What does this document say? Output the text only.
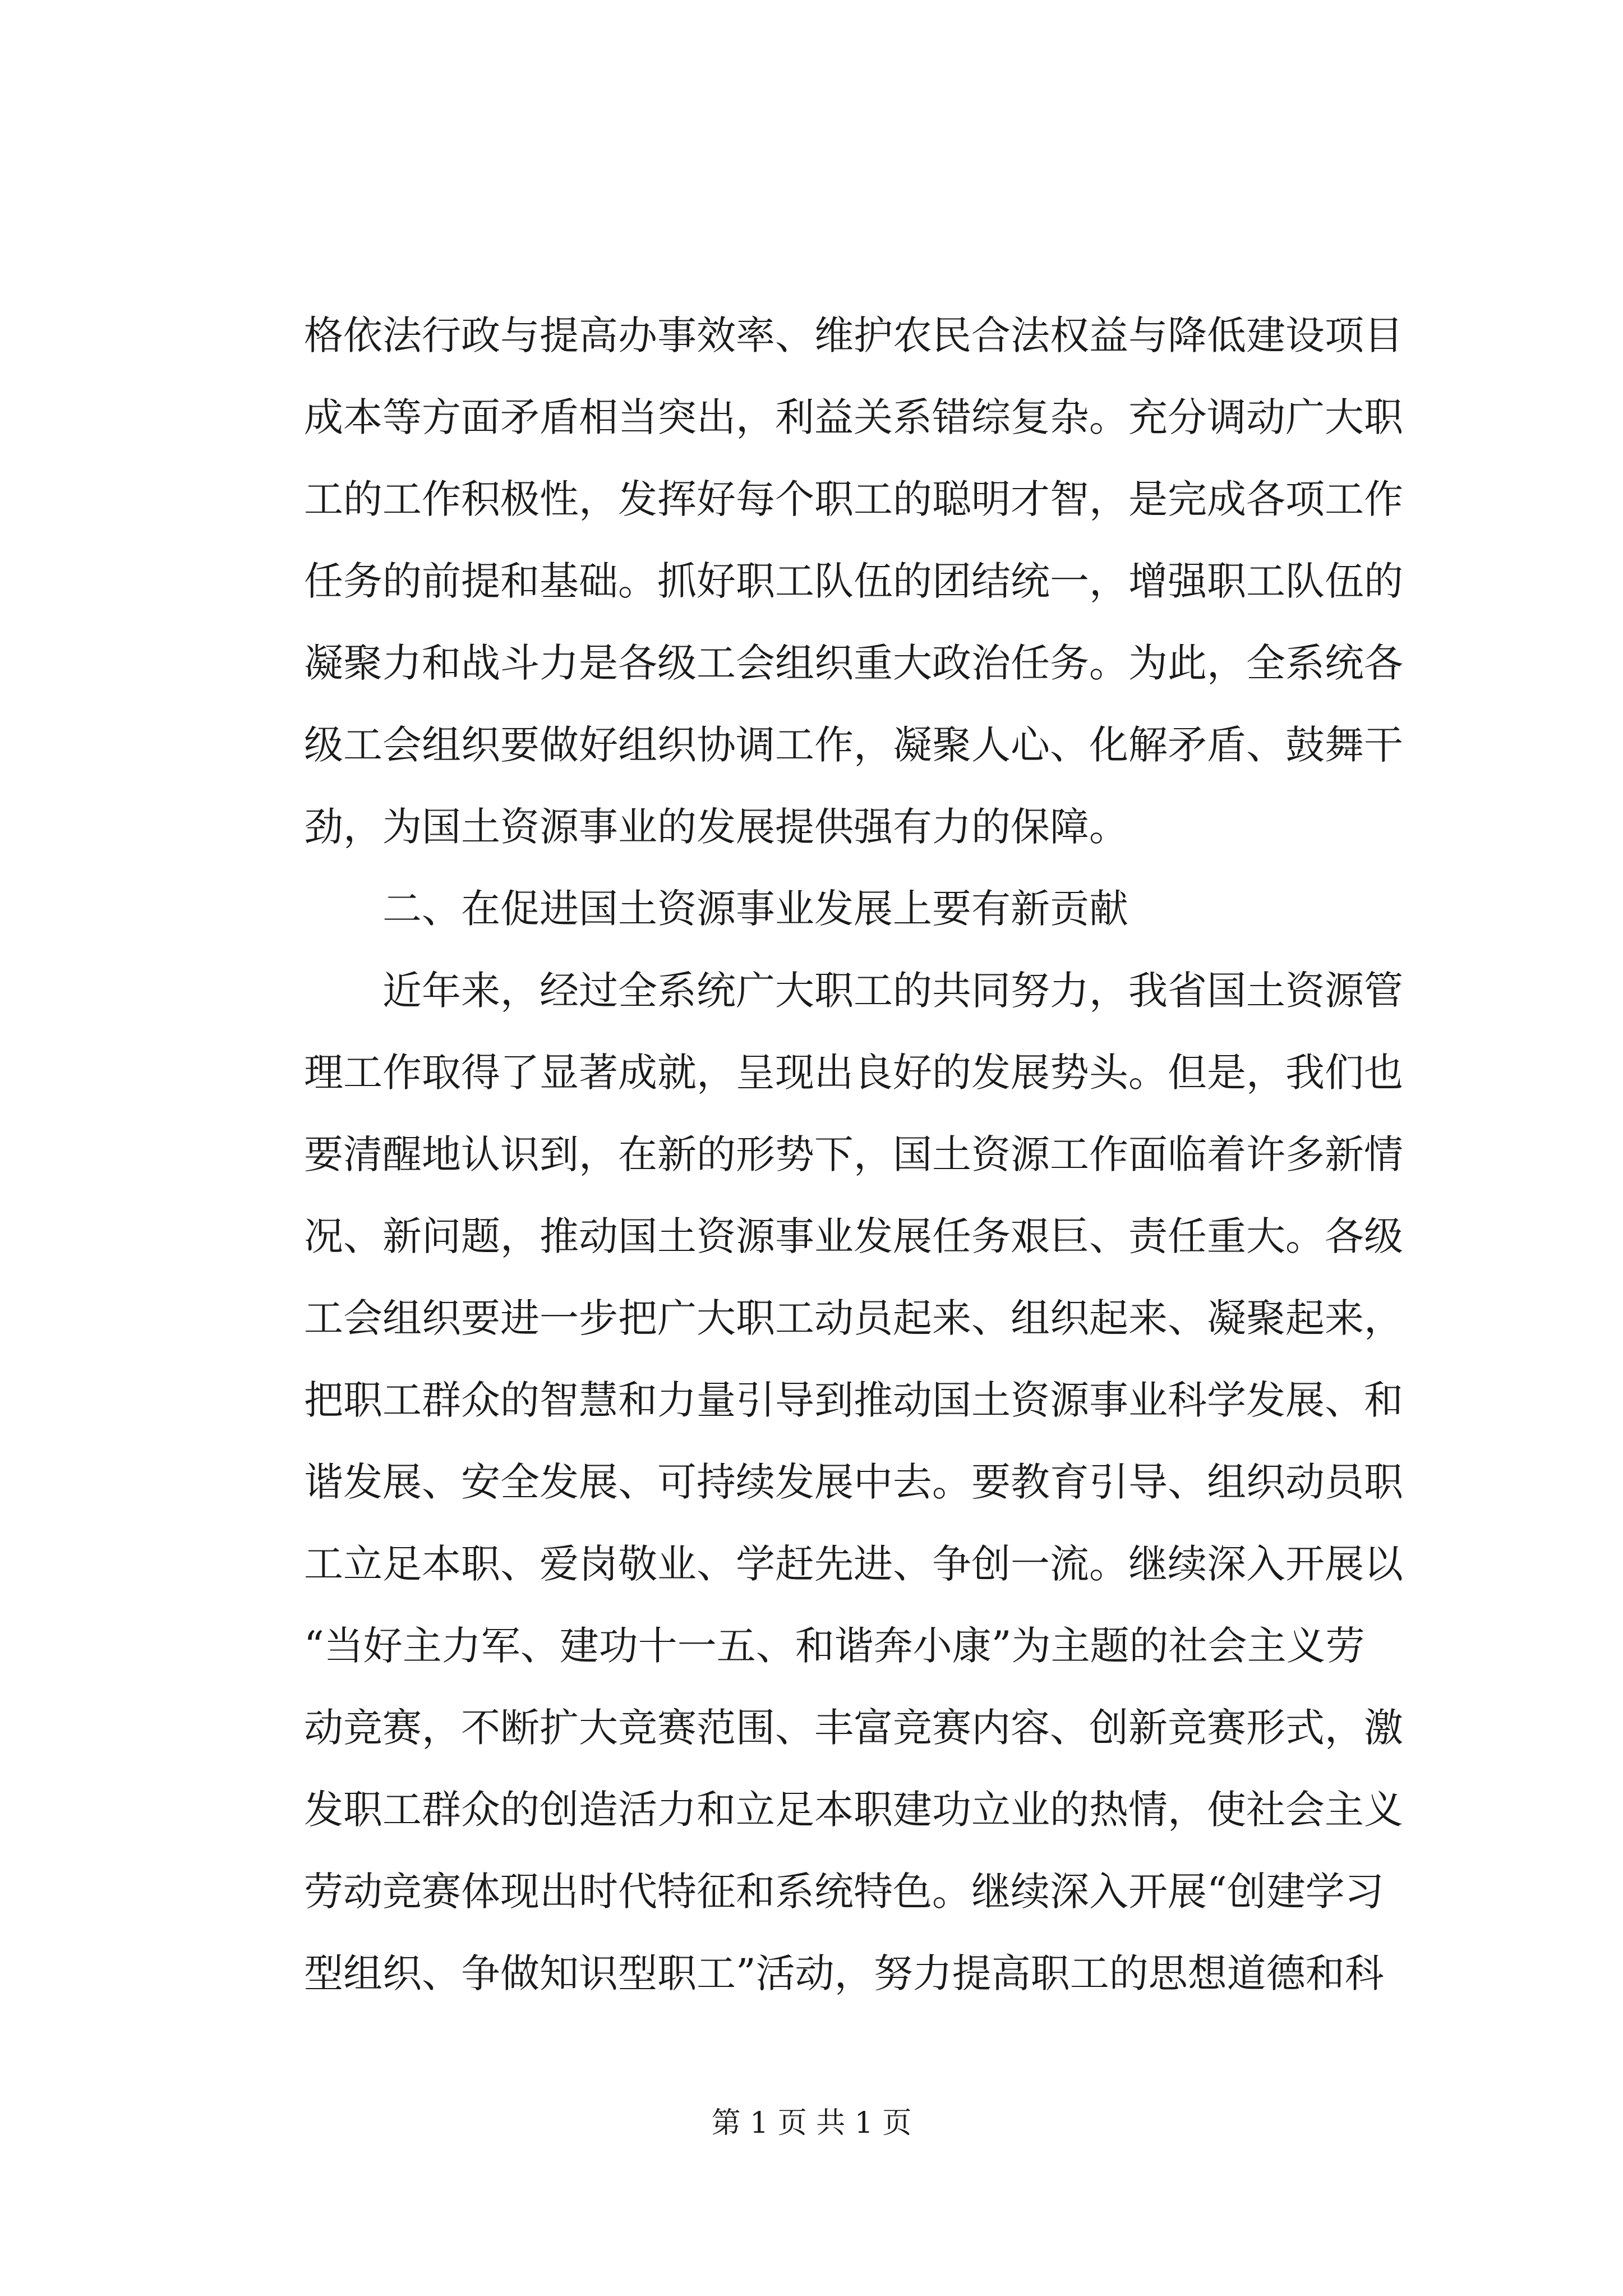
格依法行政与提高办事效率、维护农民合法权益与降低建设项目
成本等方面矛盾相当突出，利益关系错综复杂。充分调动广大职
工的工作积极性，发挥好每个职工的聪明才智，是完成各项工作
任务的前提和基础。抓好职工队伍的团结统一，增强职工队伍的
凝聚力和战斗力是各级工会组织重大政治任务。为此，全系统各
级工会组织要做好组织协调工作，凝聚人心、化解矛盾、鼓舞干
劲，为国土资源事业的发展提供强有力的保障。
二、在促进国土资源事业发展上要有新贡献
近年来，经过全系统广大职工的共同努力，我省国土资源管
理工作取得了显著成就，呈现出良好的发展势头。但是，我们也
要清醒地认识到，在新的形势下，国土资源工作面临着许多新情
况、新问题，推动国土资源事业发展任务艰巨、责任重大。各级
工会组织要进一步把广大职工动员起来、组织起来、凝聚起来，
把职工群众的智慧和力量引导到推动国土资源事业科学发展、和
谐发展、安全发展、可持续发展中去。要教育引导、组织动员职
工立足本职、爱岗敬业、学赶先进、争创一流。继续深入开展以
“当好主力军、建功十一五、和谐奔小康”为主题的社会主义劳
动竞赛，不断扩大竞赛范围、丰富竞赛内容、创新竞赛形式，激
发职工群众的创造活力和立足本职建功立业的热情，使社会主义
劳动竞赛体现出时代特征和系统特色。继续深入开展“创建学习
型组织、争做知识型职工”活动，努力提高职工的思想道德和科
第 1 页 共 1 页
